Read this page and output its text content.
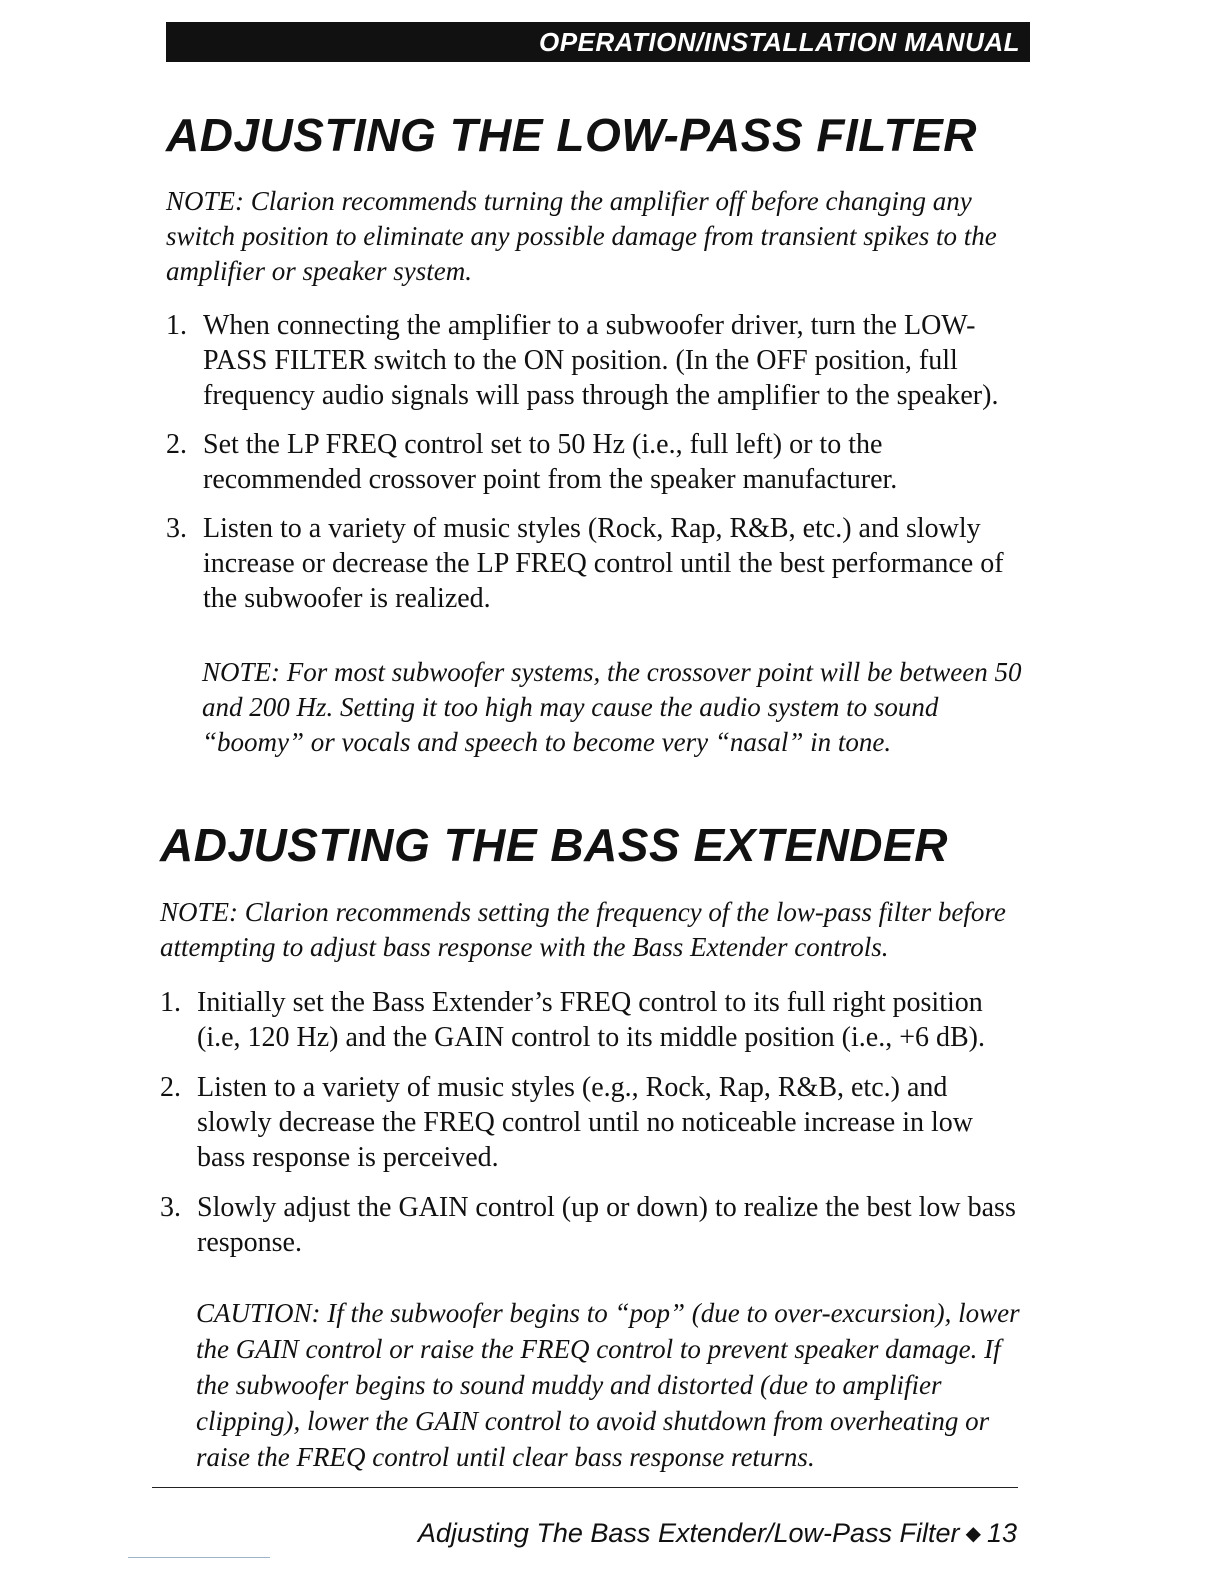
OPERATION/INSTALLATION MANUAL
ADJUSTING THE LOW-PASS FILTER

NOTE: Clarion recommends turning the amplifier off before changing any switch position to eliminate any possible damage from transient spikes to the amplifier or speaker system.

1. When connecting the amplifier to a subwoofer driver, turn the LOW-PASS FILTER switch to the ON position. (In the OFF position, full frequency audio signals will pass through the amplifier to the speaker).
2. Set the LP FREQ control set to 50 Hz (i.e., full left) or to the recommended crossover point from the speaker manufacturer.
3. Listen to a variety of music styles (Rock, Rap, R&B, etc.) and slowly increase or decrease the LP FREQ control until the best performance of the subwoofer is realized.

NOTE: For most subwoofer systems, the crossover point will be between 50 and 200 Hz. Setting it too high may cause the audio system to sound “boomy” or vocals and speech to become very “nasal” in tone.

ADJUSTING THE BASS EXTENDER

NOTE: Clarion recommends setting the frequency of the low-pass filter before attempting to adjust bass response with the Bass Extender controls.

1. Initially set the Bass Extender’s FREQ control to its full right position (i.e, 120 Hz) and the GAIN control to its middle position (i.e., +6 dB).
2. Listen to a variety of music styles (e.g., Rock, Rap, R&B, etc.) and slowly decrease the FREQ control until no noticeable increase in low bass response is perceived.
3. Slowly adjust the GAIN control (up or down) to realize the best low bass response.

CAUTION: If the subwoofer begins to “pop” (due to over-excursion), lower the GAIN control or raise the FREQ control to prevent speaker damage. If the subwoofer begins to sound muddy and distorted (due to amplifier clipping), lower the GAIN control to avoid shutdown from overheating or raise the FREQ control until clear bass response returns.

Adjusting The Bass Extender/Low-Pass Filter ◆ 13
